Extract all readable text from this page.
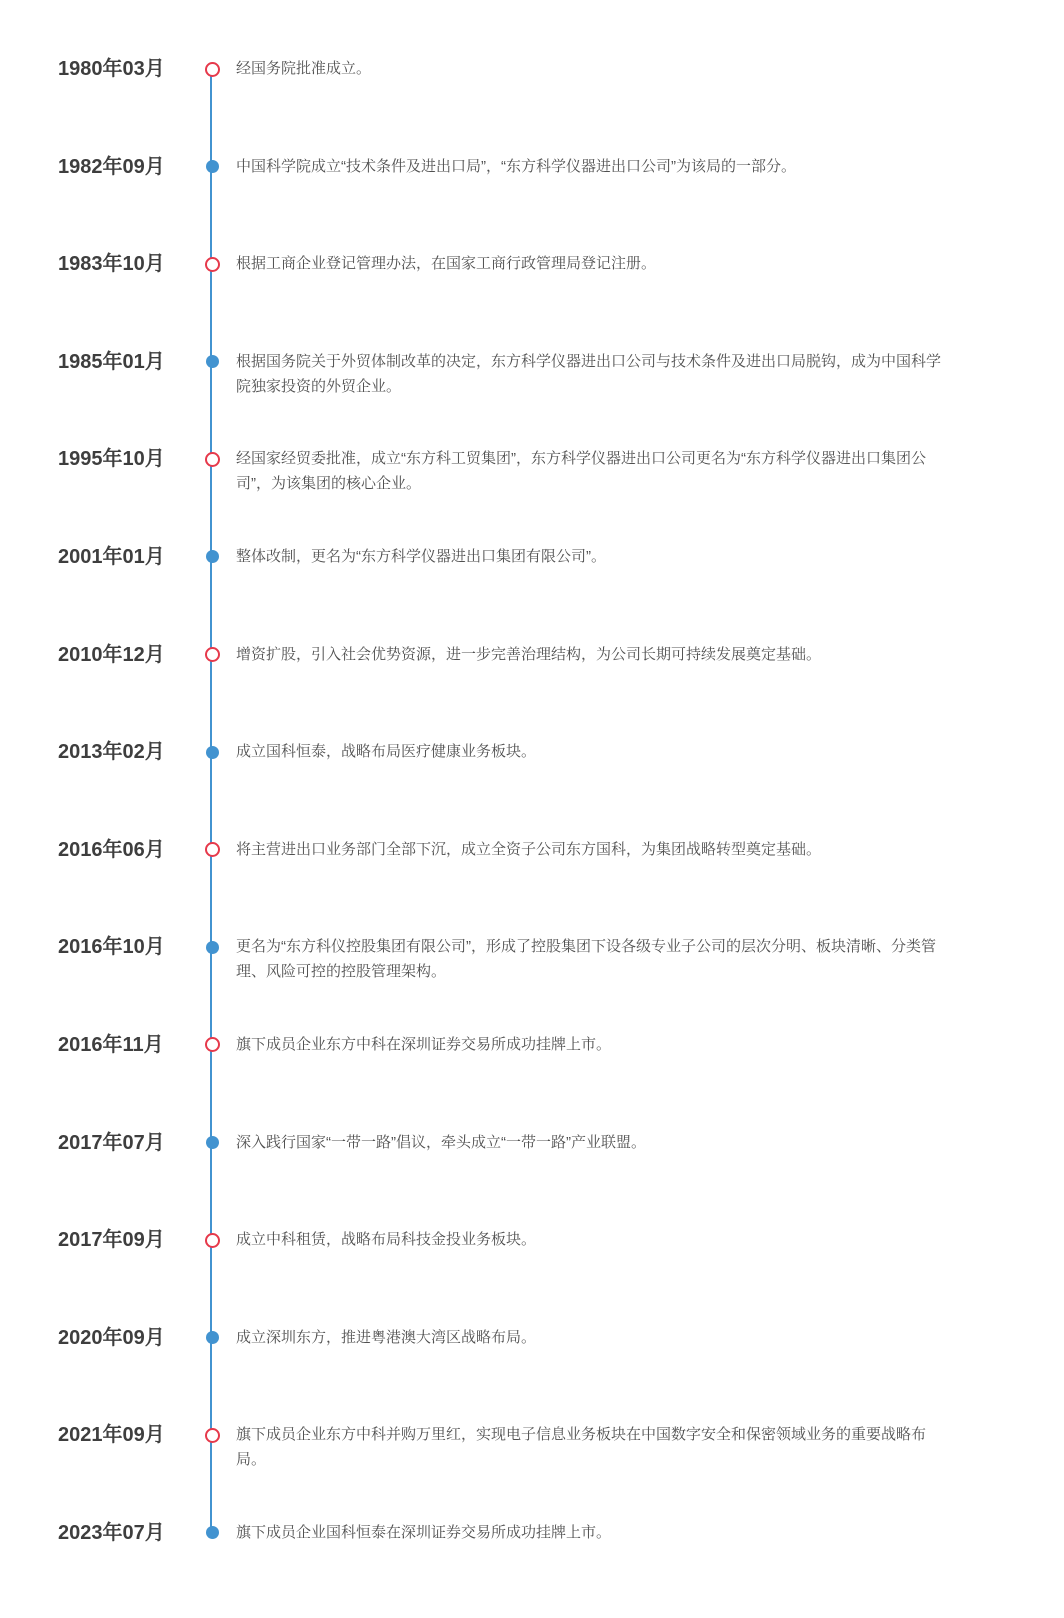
1980年03月	经国务院批准成立。
1982年09月	中国科学院成立“技术条件及进出口局”，“东方科学仪器进出口公司”为该局的一部分。
1983年10月	根据工商企业登记管理办法，在国家工商行政管理局登记注册。
1985年01月	根据国务院关于外贸体制改革的决定，东方科学仪器进出口公司与技术条件及进出口局脱钩，成为中国科学院独家投资的外贸企业。
1995年10月	经国家经贸委批准，成立“东方科工贸集团”，东方科学仪器进出口公司更名为“东方科学仪器进出口集团公司”，为该集团的核心企业。
2001年01月	整体改制，更名为“东方科学仪器进出口集团有限公司”。
2010年12月	增资扩股，引入社会优势资源，进一步完善治理结构，为公司长期可持续发展奠定基础。
2013年02月	成立国科恒泰，战略布局医疗健康业务板块。
2016年06月	将主营进出口业务部门全部下沉，成立全资子公司东方国科，为集团战略转型奠定基础。
2016年10月	更名为“东方科仪控股集团有限公司”，形成了控股集团下设各级专业子公司的层次分明、板块清晰、分类管理、风险可控的控股管理架构。
2016年11月	旗下成员企业东方中科在深圳证券交易所成功挂牌上市。
2017年07月	深入践行国家“一带一路”倡议，牵头成立“一带一路”产业联盟。
2017年09月	成立中科租赁，战略布局科技金投业务板块。
2020年09月	成立深圳东方，推进粤港澳大湾区战略布局。
2021年09月	旗下成员企业东方中科并购万里红，实现电子信息业务板块在中国数字安全和保密领域业务的重要战略布局。
2023年07月	旗下成员企业国科恒泰在深圳证券交易所成功挂牌上市。
